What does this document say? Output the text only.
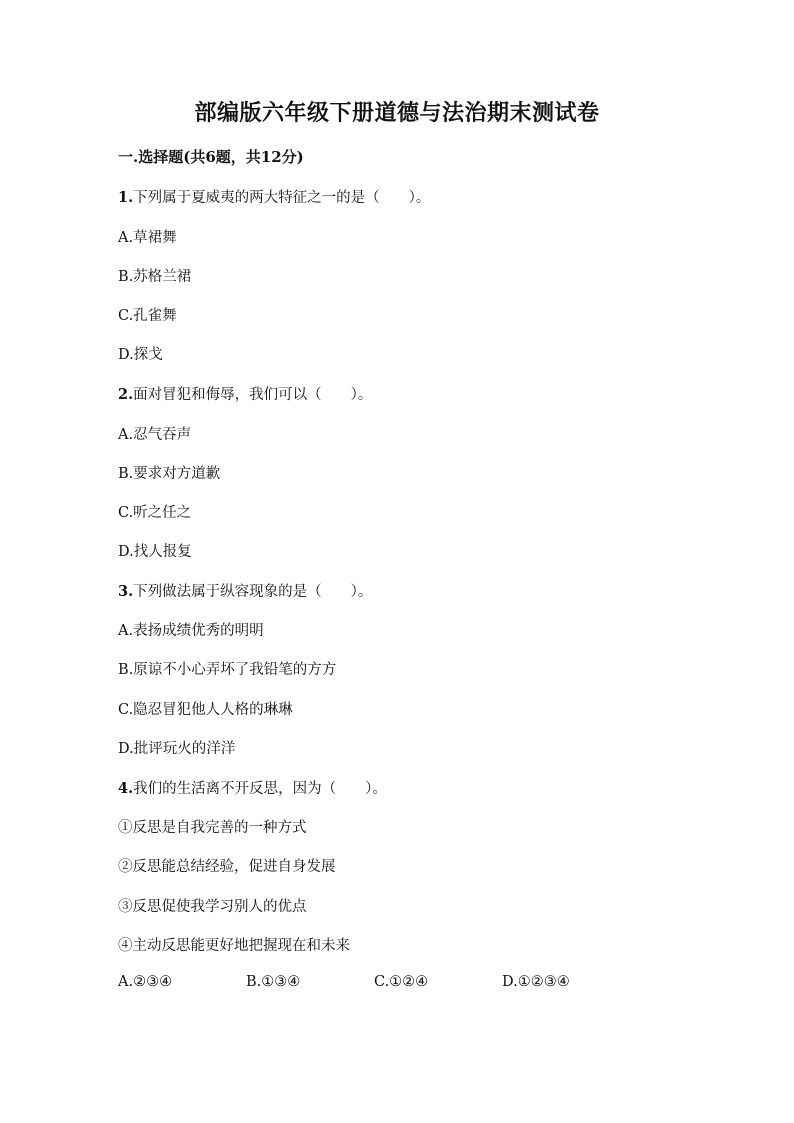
部编版六年级下册道德与法治期末测试卷
一.选择题(共6题，共12分)
1.下列属于夏威夷的两大特征之一的是（　　）。
A.草裙舞
B.苏格兰裙
C.孔雀舞
D.探戈
2.面对冒犯和侮辱，我们可以（　　）。
A.忍气吞声
B.要求对方道歉
C.听之任之
D.找人报复
3.下列做法属于纵容现象的是（　　）。
A.表扬成绩优秀的明明
B.原谅不小心弄坏了我铅笔的方方
C.隐忍冒犯他人人格的琳琳
D.批评玩火的洋洋
4.我们的生活离不开反思，因为（　　）。
①反思是自我完善的一种方式
②反思能总结经验，促进自身发展
③反思促使我学习别人的优点
④主动反思能更好地把握现在和未来
A.②③④	B.①③④	C.①②④	D.①②③④
